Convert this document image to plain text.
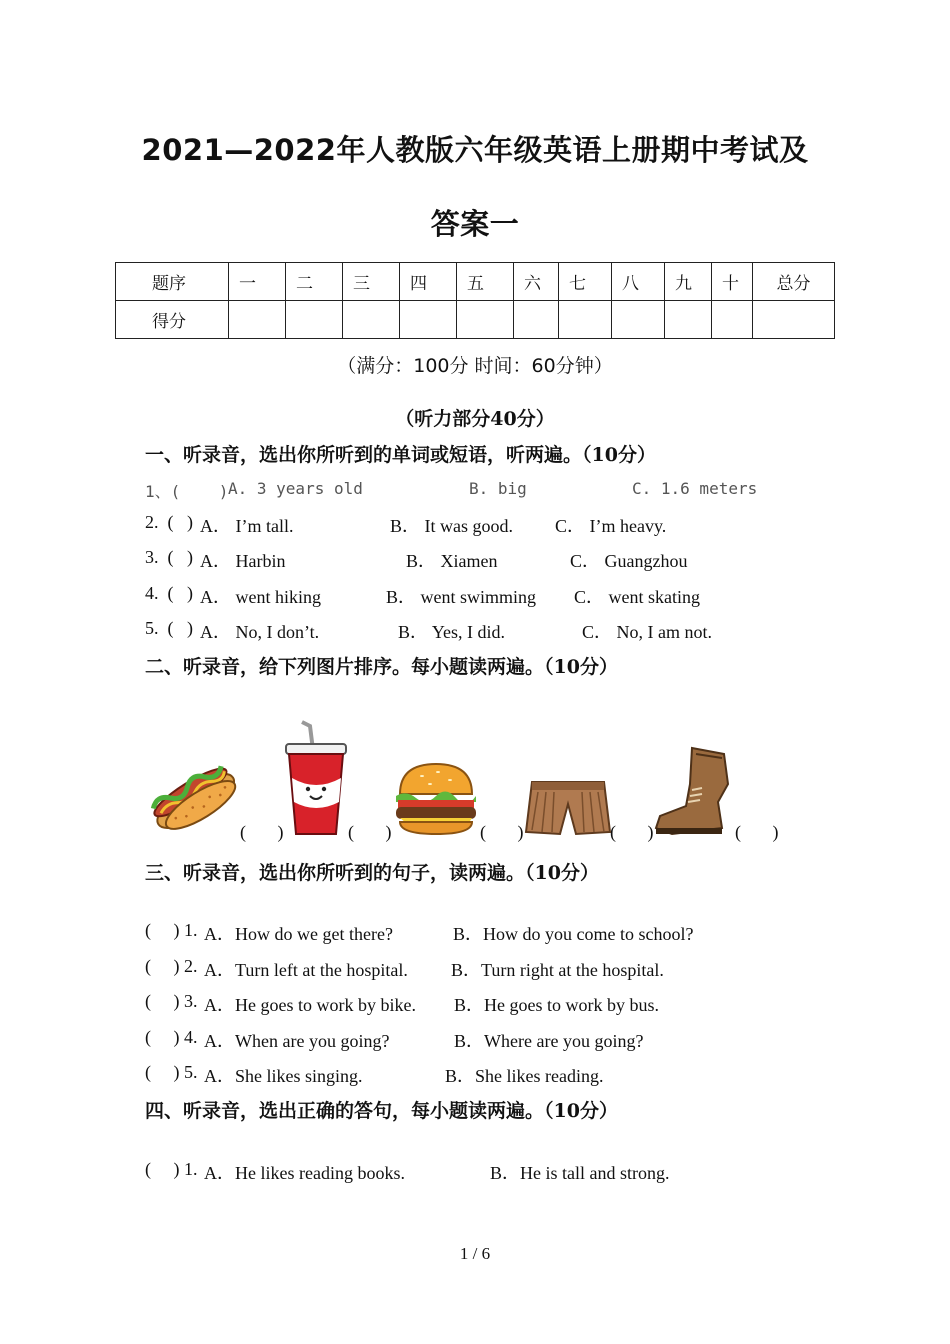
2021—2022年人教版六年级英语上册期中考试及
答案一
题序	一	二	三	四	五	六	七	八	九	十	总分
得分											
（满分：100分 时间：60分钟）
（听力部分40分）
一、听录音，选出你所听到的单词或短语，听两遍。（10分）
1、(    ) A. 3 years old	B. big	C. 1.6 meters
2.  (   ) A． I’m tall.	B． It was good. C． I’m heavy.
3.  (   ) A． Harbin	B． Xiamen	C． Guangzhou
4.  (   ) A． went hiking	B． went swimming C． went skating
5.  (   ) A． No, I don’t.	B． Yes, I did.	C． No, I am not.
二、听录音，给下列图片排序。每小题读两遍。（10分）
(       )	(       )	(       )	(       )	(       )
三、听录音，选出你所听到的句子，读两遍。（10分）
(     ) 1. A．How do we get there?	B．How do you come to school?
(     ) 2. A．Turn left at the hospital. B．Turn right at the hospital.
(     ) 3. A．He goes to work by bike. B．He goes to work by bus.
(     ) 4. A．When are you going?	B．Where are you going?
(     ) 5. A．She likes singing.	B．She likes reading.
四、听录音，选出正确的答句，每小题读两遍。（10分）
(     ) 1. A．He likes reading books.	B．He is tall and strong.
1 / 6
